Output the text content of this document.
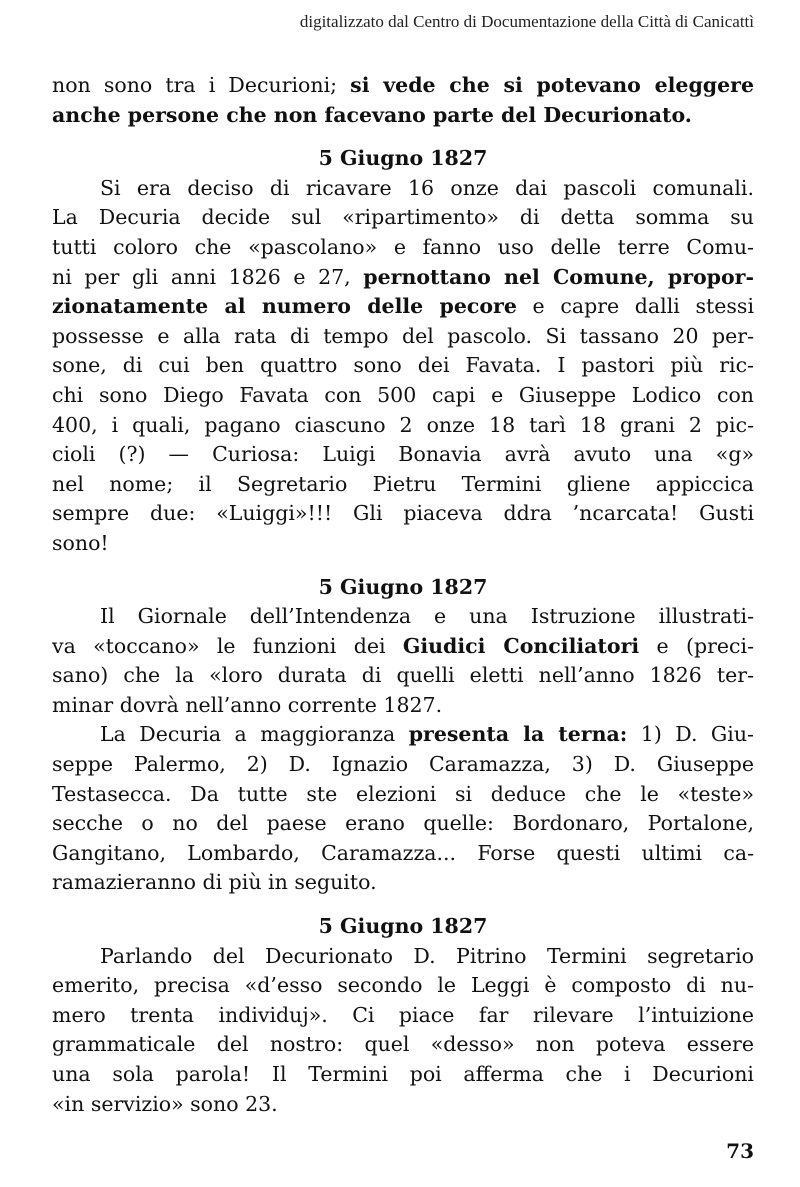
digitalizzato dal Centro di Documentazione della Città di Canicattì
non sono tra i Decurioni; si vede che si potevano eleggere
anche persone che non facevano parte del Decurionato.
5 Giugno 1827
Si era deciso di ricavare 16 onze dai pascoli comunali.
La Decuria decide sul «ripartimento» di detta somma su
tutti coloro che «pascolano» e fanno uso delle terre Comu-
ni per gli anni 1826 e 27, pernottano nel Comune, propor-
zionatamente al numero delle pecore e capre dalli stessi
possesse e alla rata di tempo del pascolo. Si tassano 20 per-
sone, di cui ben quattro sono dei Favata. I pastori più ric-
chi sono Diego Favata con 500 capi e Giuseppe Lodico con
400, i quali, pagano ciascuno 2 onze 18 tarì 18 grani 2 pic-
cioli (?) — Curiosa: Luigi Bonavia avrà avuto una «g»
nel nome; il Segretario Pietru Termini gliene appiccica
sempre due: «Luiggi»!!! Gli piaceva ddra ’ncarcata! Gusti
sono!
5 Giugno 1827
Il Giornale dell’Intendenza e una Istruzione illustrati-
va «toccano» le funzioni dei Giudici Conciliatori e (preci-
sano) che la «loro durata di quelli eletti nell’anno 1826 ter-
minar dovrà nell’anno corrente 1827.
La Decuria a maggioranza presenta la terna: 1) D. Giu-
seppe Palermo, 2) D. Ignazio Caramazza, 3) D. Giuseppe
Testasecca. Da tutte ste elezioni si deduce che le «teste»
secche o no del paese erano quelle: Bordonaro, Portalone,
Gangitano, Lombardo, Caramazza... Forse questi ultimi ca-
ramazieranno di più in seguito.
5 Giugno 1827
Parlando del Decurionato D. Pitrino Termini segretario
emerito, precisa «d’esso secondo le Leggi è composto di nu-
mero trenta individuj». Ci piace far rilevare l’intuizione
grammaticale del nostro: quel «desso» non poteva essere
una sola parola! Il Termini poi afferma che i Decurioni
«in servizio» sono 23.
73
